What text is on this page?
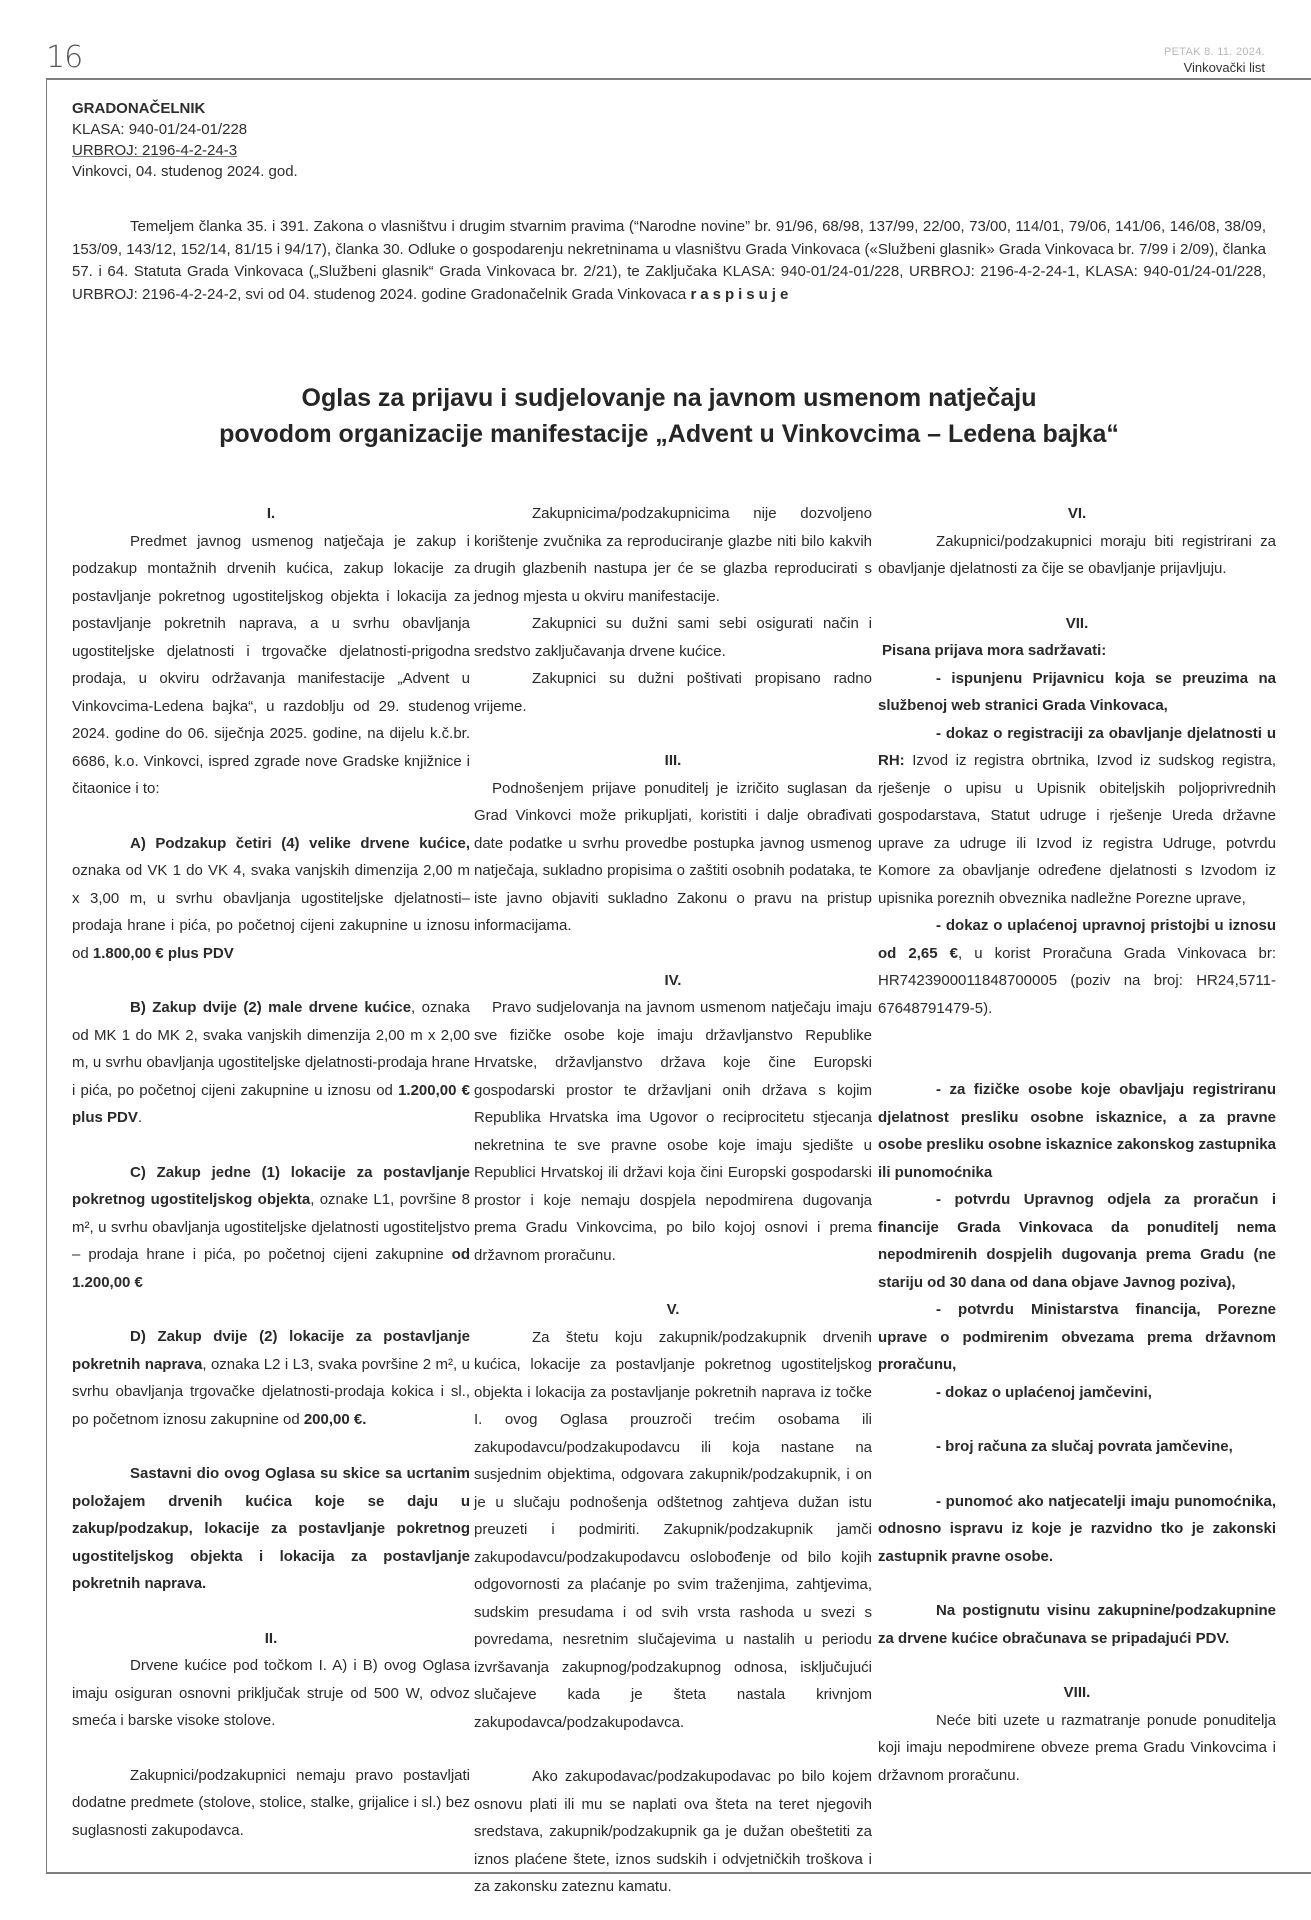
16	PETAK 8. 11. 2024.
Vinkovački list
GRADONAČELNIK
KLASA: 940-01/24-01/228
URBROJ: 2196-4-2-24-3
Vinkovci, 04. studenog 2024. god.
Temeljem članka 35. i 391. Zakona o vlasništvu i drugim stvarnim pravima (“Narodne novine” br. 91/96, 68/98, 137/99, 22/00, 73/00, 114/01, 79/06, 141/06, 146/08, 38/09, 153/09, 143/12, 152/14, 81/15 i 94/17), članka 30. Odluke o gospodarenju nekretninama u vlasništvu Grada Vinkovaca («Službeni glasnik» Grada Vinkovaca br. 7/99 i 2/09), članka 57. i 64. Statuta Grada Vinkovaca („Službeni glasnik“ Grada Vinkovaca br. 2/21), te Zaključaka KLASA: 940-01/24-01/228, URBROJ: 2196-4-2-24-1, KLASA: 940-01/24-01/228, URBROJ: 2196-4-2-24-2, svi od 04. studenog 2024. godine Gradonačelnik Grada Vinkovaca raspisuje
Oglas za prijavu i sudjelovanje na javnom usmenom natječaju
povodom organizacije manifestacije „Advent u Vinkovcima – Ledena bajka“

I.

Predmet javnog usmenog natječaja je zakup i podzakup montažnih drvenih kućica, zakup lokacije za postavljanje pokretnog ugostiteljskog objekta i lokacija za postavljanje pokretnih naprava, a u svrhu obavljanja ugostiteljske djelatnosti i trgovačke djelatnosti-prigodna prodaja, u okviru održavanja manifestacije „Advent u Vinkovcima-Ledena bajka“, u razdoblju od 29. studenog 2024. godine do 06. siječnja 2025. godine, na dijelu k.č.br. 6686, k.o. Vinkovci, ispred zgrade nove Gradske knjižnice i čitaonice i to:

A) Podzakup četiri (4) velike drvene kućice, oznaka od VK 1 do VK 4, svaka vanjskih dimenzija 2,00 m x 3,00 m, u svrhu obavljanja ugostiteljske djelatnosti–prodaja hrane i pića, po početnoj cijeni zakupnine u iznosu od 1.800,00 € plus PDV

B) Zakup dvije (2) male drvene kućice, oznaka od MK 1 do MK 2, svaka vanjskih dimenzija 2,00 m x 2,00 m, u svrhu obavljanja ugostiteljske djelatnosti-prodaja hrane i pića, po početnoj cijeni zakupnine u iznosu od 1.200,00 € plus PDV.

C) Zakup jedne (1) lokacije za postavljanje pokretnog ugostiteljskog objekta, oznake L1, površine 8 m², u svrhu obavljanja ugostiteljske djelatnosti ugostiteljstvo – prodaja hrane i pića, po početnoj cijeni zakupnine od 1.200,00 €

D) Zakup dvije (2) lokacije za postavljanje pokretnih naprava, oznaka L2 i L3, svaka površine 2 m², u svrhu obavljanja trgovačke djelatnosti-prodaja kokica i sl., po početnom iznosu zakupnine od 200,00 €.

Sastavni dio ovog Oglasa su skice sa ucrtanim položajem drvenih kućica koje se daju u zakup/podzakup, lokacije za postavljanje pokretnog ugostiteljskog objekta i lokacija za postavljanje pokretnih naprava.

II.

Drvene kućice pod točkom I. A) i B) ovog Oglasa imaju osiguran osnovni priključak struje od 500 W, odvoz smeća i barske visoke stolove.

Zakupnici/podzakupnici nemaju pravo postavljati dodatne predmete (stolove, stolice, stalke, grijalice i sl.) bez suglasnosti zakupodavca.

Zakupnicima/podzakupnicima nije dozvoljeno korištenje zvučnika za reproduciranje glazbe niti bilo kakvih drugih glazbenih nastupa jer će se glazba reproducirati s jednog mjesta u okviru manifestacije.

Zakupnici su dužni sami sebi osigurati način i sredstvo zaključavanja drvene kućice.

Zakupnici su dužni poštivati propisano radno vrijeme.

III.

Podnošenjem prijave ponuditelj je izričito suglasan da Grad Vinkovci može prikupljati, koristiti i dalje obrađivati date podatke u svrhu provedbe postupka javnog usmenog natječaja, sukladno propisima o zaštiti osobnih podataka, te iste javno objaviti sukladno Zakonu o pravu na pristup informacijama.

IV.

Pravo sudjelovanja na javnom usmenom natječaju imaju sve fizičke osobe koje imaju državljanstvo Republike Hrvatske, državljanstvo država koje čine Europski gospodarski prostor te državljani onih država s kojim Republika Hrvatska ima Ugovor o reciprocitetu stjecanja nekretnina te sve pravne osobe koje imaju sjedište u Republici Hrvatskoj ili državi koja čini Europski gospodarski prostor i koje nemaju dospjela nepodmirena dugovanja prema Gradu Vinkovcima, po bilo kojoj osnovi i prema državnom proračunu.

V.

Za štetu koju zakupnik/podzakupnik drvenih kućica, lokacije za postavljanje pokretnog ugostiteljskog objekta i lokacija za postavljanje pokretnih naprava iz točke I. ovog Oglasa prouzroči trećim osobama ili zakupodavcu/podzakupodavcu ili koja nastane na susjednim objektima, odgovara zakupnik/podzakupnik, i on je u slučaju podnošenja odštetnog zahtjeva dužan istu preuzeti i podmiriti. Zakupnik/podzakupnik jamči zakupodavcu/podzakupodavcu oslobođenje od bilo kojih odgovornosti za plaćanje po svim traženjima, zahtjevima, sudskim presudama i od svih vrsta rashoda u svezi s povredama, nesretnim slučajevima u nastalih u periodu izvršavanja zakupnog/podzakupnog odnosa, isključujući slučajeve kada je šteta nastala krivnjom zakupodavca/podzakupodavca.

Ako zakupodavac/podzakupodavac po bilo kojem osnovu plati ili mu se naplati ova šteta na teret njegovih sredstava, zakupnik/podzakupnik ga je dužan obeštetiti za iznos plaćene štete, iznos sudskih i odvjetničkih troškova i za zakonsku zateznu kamatu.

VI.

Zakupnici/podzakupnici moraju biti registrirani za obavljanje djelatnosti za čije se obavljanje prijavljuju.

VII.

Pisana prijava mora sadržavati:

- ispunjenu Prijavnicu koja se preuzima na službenoj web stranici Grada Vinkovaca,

- dokaz o registraciji za obavljanje djelatnosti u RH: Izvod iz registra obrtnika, Izvod iz sudskog registra, rješenje o upisu u Upisnik obiteljskih poljoprivrednih gospodarstava, Statut udruge i rješenje Ureda državne uprave za udruge ili Izvod iz registra Udruge, potvrdu Komore za obavljanje određene djelatnosti s Izvodom iz upisnika poreznih obveznika nadležne Porezne uprave,

- dokaz o uplaćenoj upravnoj pristojbi u iznosu od 2,65 €, u korist Proračuna Grada Vinkovaca br: HR7423900011848700005 (poziv na broj: HR24,5711-67648791479-5).

- za fizičke osobe koje obavljaju registriranu djelatnost presliku osobne iskaznice, a za pravne osobe presliku osobne iskaznice zakonskog zastupnika ili punomoćnika

- potvrdu Upravnog odjela za proračun i financije Grada Vinkovaca da ponuditelj nema nepodmirenih dospjelih dugovanja prema Gradu (ne stariju od 30 dana od dana objave Javnog poziva),

- potvrdu Ministarstva financija, Porezne uprave o podmirenim obvezama prema državnom proračunu,

- dokaz o uplaćenoj jamčevini,

- broj računa za slučaj povrata jamčevine,

- punomoć ako natjecatelji imaju punomoćnika, odnosno ispravu iz koje je razvidno tko je zakonski zastupnik pravne osobe.

Na postignutu visinu zakupnine/podzakupnine za drvene kućice obračunava se pripadajući PDV.

VIII.

Neće biti uzete u razmatranje ponude ponuditelja koji imaju nepodmirene obveze prema Gradu Vinkovcima i državnom proračunu.
